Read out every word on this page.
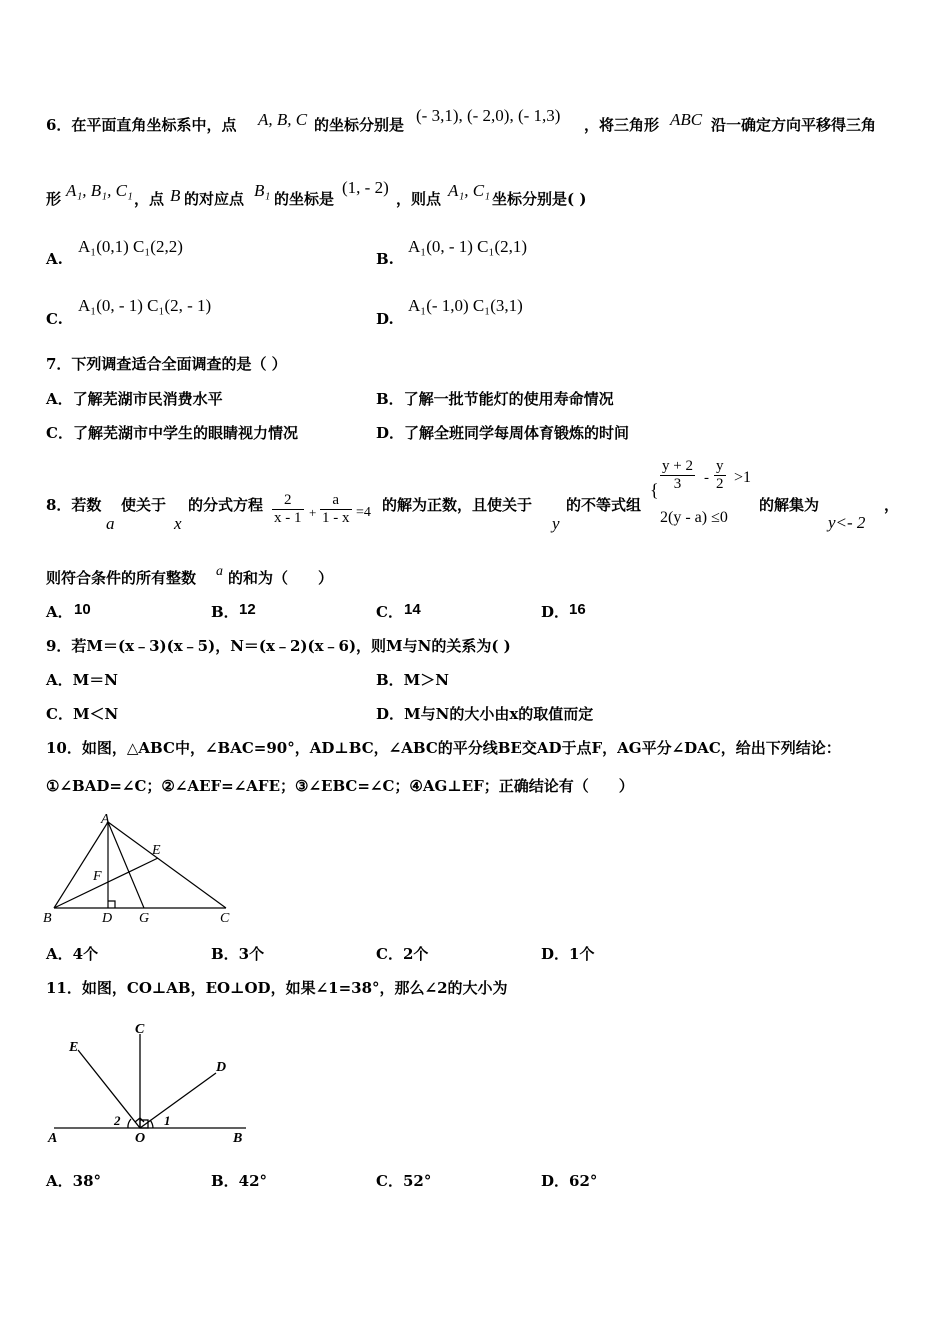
6．在平面直角坐标系中，点 A, B, C 的坐标分别是 (- 3,1), (- 2,0), (- 1,3) ，将三角形 ABC 沿一确定方向平移得三角
形 A₁, B₁, C₁ ，点 B 的对应点 B₁ 的坐标是
(1, - 2)
，则点 A₁, C₁ 坐标分别是( )
A.
A₁(0,1) C₁(2,2)
B.
A₁(0, - 1) C₁(2,1)
C.
A₁(0, - 1) C₁(2, - 1)
D.
A₁(- 1,0) C₁(3,1)
7．下列调查适合全面调查的是（ ）
A．了解芜湖市民消费水平	B．了解一批节能灯的使用寿命情况
C．了解芜湖市中学生的眼睛视力情况	D．了解全班同学每周体育锻炼的时间
8．若数
a
使关于
x
的分式方程 $\frac{2}{x - 1} + \frac{a}{1 - x} =4$ 的解为正数，且使关于
y
的不等式组
{ $\frac{y + 2}{3} - \frac{y}{2} >1$
2(y - a) ≤0
的解集为
y<- 2
，
则符合条件的所有整数 a 的和为（　　）
A． 10	B． 12	C． 14	D． 16
9．若M＝(x﹣3)(x﹣5)，N＝(x﹣2)(x﹣6)，则M与N的关系为( )
A．M＝N	B．M＞N
C．M＜N	D．M与N的大小由x的取值而定
10．如图，△ABC中，∠BAC=90°，AD⊥BC，∠ABC的平分线BE交AD于点F，AG平分∠DAC，给出下列结论：
①∠BAD=∠C；②∠AEF=∠AFE；③∠EBC=∠C；④AG⊥EF；正确结论有（　　）
A
B	C
D
E
F
G
A．4个	B．3个	C．2个	D．1个
11．如图，CO⊥AB，EO⊥OD，如果∠1=38°，那么∠2的大小为
A	B
C
D
E
O
1
2
A．38°	B．42°	C．52°	D．62°
